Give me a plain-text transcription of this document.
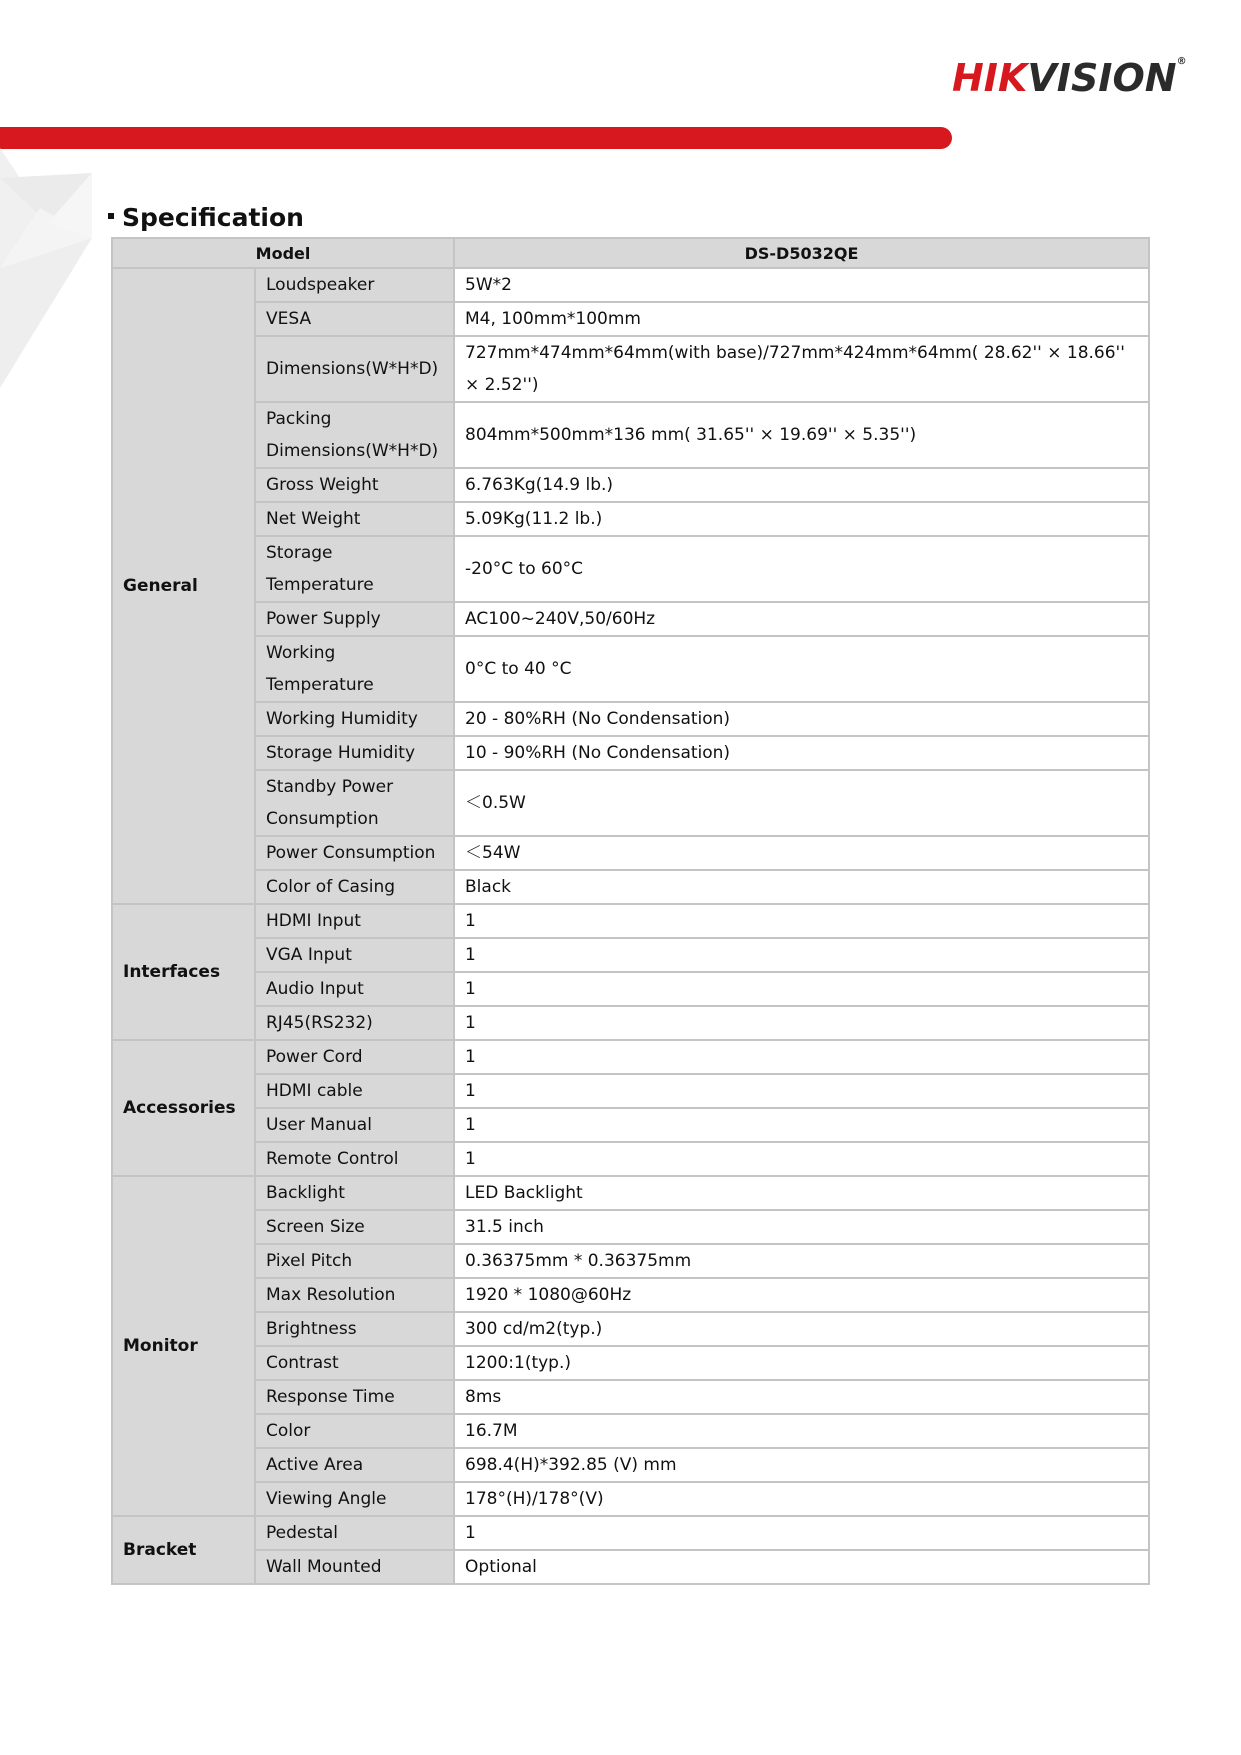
HIKVISION®
Specification
Model		DS-D5032QE
General	Loudspeaker	5W*2
	VESA	M4, 100mm*100mm
	Dimensions(W*H*D)	727mm*474mm*64mm(with base)/727mm*424mm*64mm( 28.62'' × 18.66'' × 2.52'')
	Packing Dimensions(W*H*D)	804mm*500mm*136 mm( 31.65'' × 19.69'' × 5.35'')
	Gross Weight	6.763Kg(14.9 lb.)
	Net Weight	5.09Kg(11.2 lb.)
	Storage Temperature	-20°C to 60°C
	Power Supply	AC100~240V,50/60Hz
	Working Temperature	0°C to 40 °C
	Working Humidity	20 - 80%RH (No Condensation)
	Storage Humidity	10 - 90%RH (No Condensation)
	Standby Power Consumption	＜0.5W
	Power Consumption	＜54W
	Color of Casing	Black
Interfaces	HDMI Input	1
	VGA Input	1
	Audio Input	1
	RJ45(RS232)	1
Accessories	Power Cord	1
	HDMI cable	1
	User Manual	1
	Remote Control	1
Monitor	Backlight	LED Backlight
	Screen Size	31.5 inch
	Pixel Pitch	0.36375mm * 0.36375mm
	Max Resolution	1920 * 1080@60Hz
	Brightness	300 cd/m2(typ.)
	Contrast	1200:1(typ.)
	Response Time	8ms
	Color	16.7M
	Active Area	698.4(H)*392.85 (V) mm
	Viewing Angle	178°(H)/178°(V)
Bracket	Pedestal	1
	Wall Mounted	Optional
